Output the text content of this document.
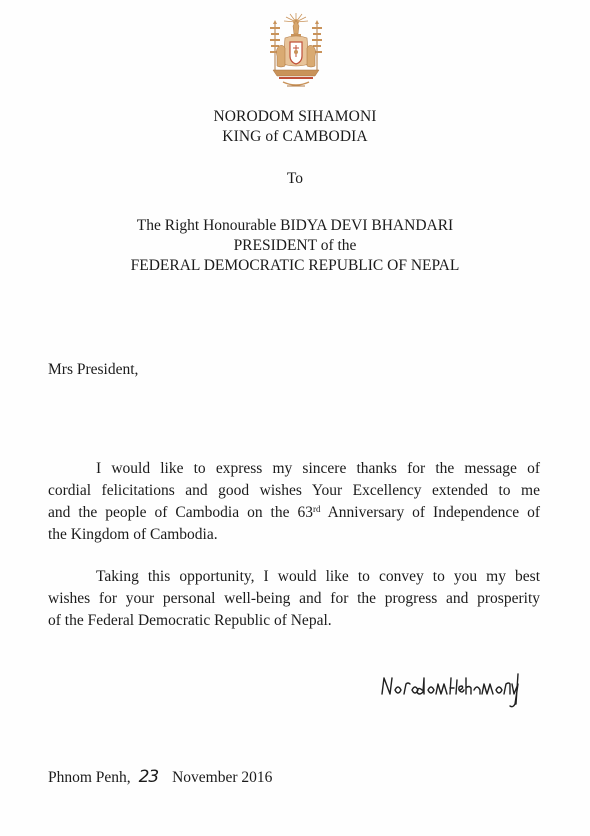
NORODOM SIHAMONI
KING of CAMBODIA
To
The Right Honourable BIDYA DEVI BHANDARI
PRESIDENT of the
FEDERAL DEMOCRATIC REPUBLIC OF NEPAL
Mrs President,
I would like to express my sincere thanks for the message of
cordial felicitations and good wishes Your Excellency extended to me
and the people of Cambodia on the 63rd Anniversary of Independence of
the Kingdom of Cambodia.
Taking this opportunity, I would like to convey to you my best
wishes for your personal well-being and for the progress and prosperity
of the Federal Democratic Republic of Nepal.
Phnom Penh, 23 November 2016
